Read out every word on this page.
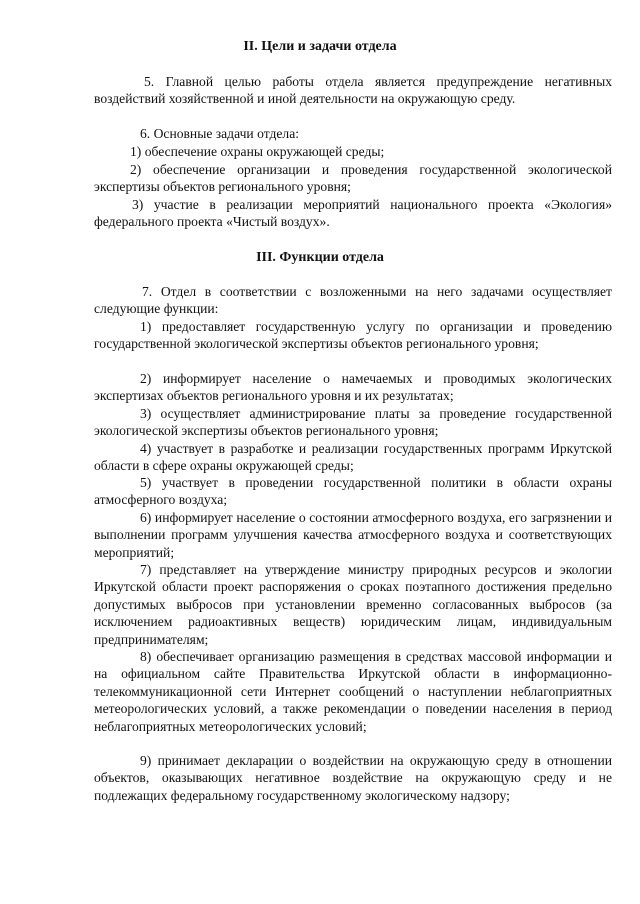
II. Цели и задачи отдела
5. Главной целью работы отдела является предупреждение негативных воздействий хозяйственной и иной деятельности на окружающую среду.
6. Основные задачи отдела:
1) обеспечение охраны окружающей среды;
2) обеспечение организации и проведения государственной экологической экспертизы объектов регионального уровня;
3) участие в реализации мероприятий национального проекта «Экология» федерального проекта «Чистый воздух».
III. Функции отдела
7. Отдел в соответствии с возложенными на него задачами осуществляет следующие функции:
1) предоставляет государственную услугу по организации и проведению государственной экологической экспертизы объектов регионального уровня;
2) информирует население о намечаемых и проводимых экологических экспертизах объектов регионального уровня и их результатах;
3) осуществляет администрирование платы за проведение государственной экологической экспертизы объектов регионального уровня;
4) участвует в разработке и реализации государственных программ Иркутской области в сфере охраны окружающей среды;
5) участвует в проведении государственной политики в области охраны атмосферного воздуха;
6) информирует население о состоянии атмосферного воздуха, его загрязнении и выполнении программ улучшения качества атмосферного воздуха и соответствующих мероприятий;
7) представляет на утверждение министру природных ресурсов и экологии Иркутской области проект распоряжения о сроках поэтапного достижения предельно допустимых выбросов при установлении временно согласованных выбросов (за исключением радиоактивных веществ) юридическим лицам, индивидуальным предпринимателям;
8) обеспечивает организацию размещения в средствах массовой информации и на официальном сайте Правительства Иркутской области в информационно-телекоммуникационной сети Интернет сообщений о наступлении неблагоприятных метеорологических условий, а также рекомендации о поведении населения в период неблагоприятных метеорологических условий;
9) принимает декларации о воздействии на окружающую среду в отношении объектов, оказывающих негативное воздействие на окружающую среду и не подлежащих федеральному государственному экологическому надзору;
